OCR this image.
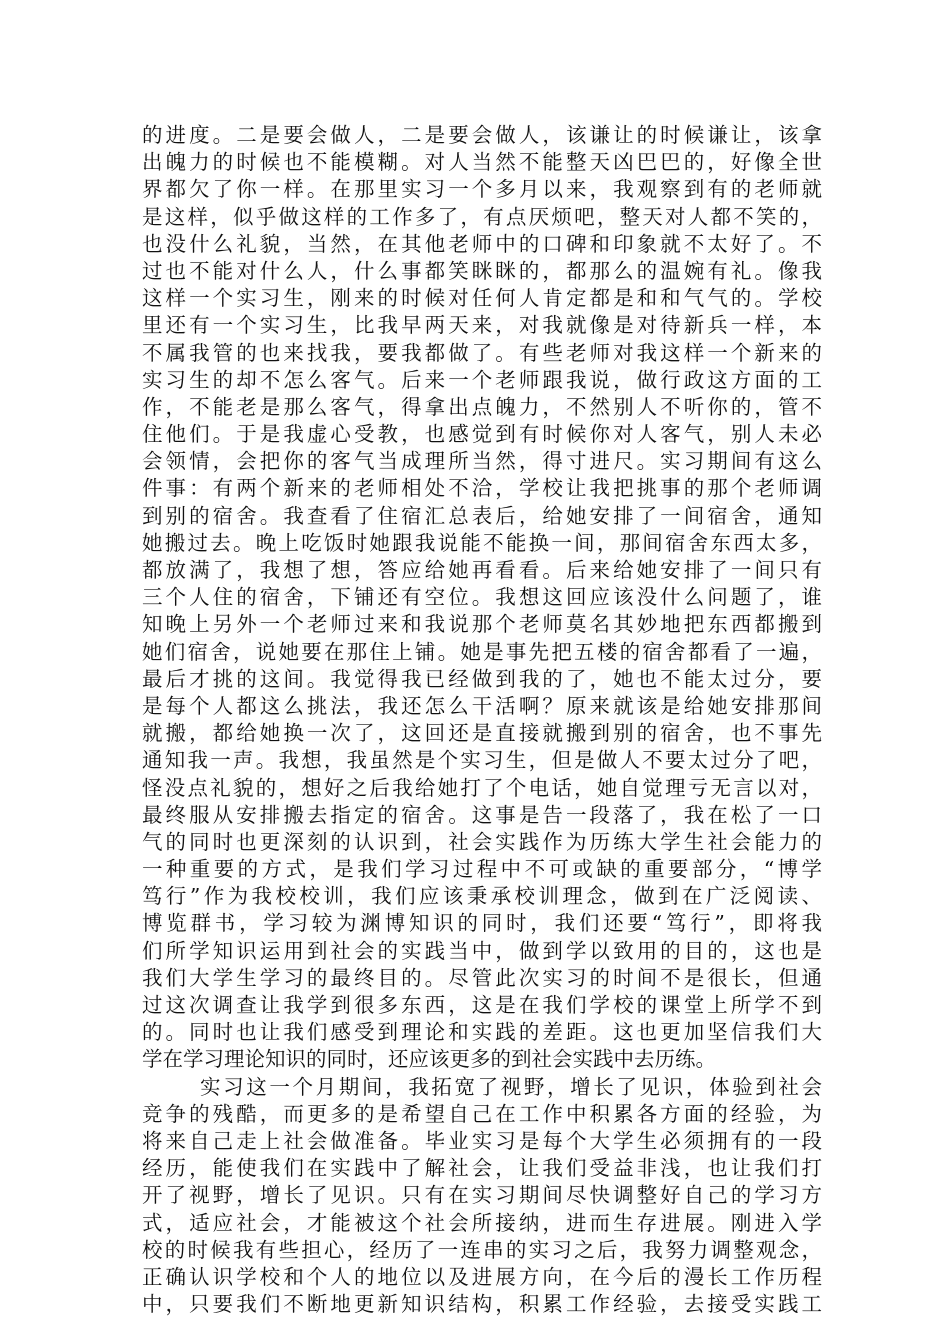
的进度。二是要会做人，二是要会做人，该谦让的时候谦让，该拿
出魄力的时候也不能模糊。对人当然不能整天凶巴巴的，好像全世
界都欠了你一样。在那里实习一个多月以来，我观察到有的老师就
是这样，似乎做这样的工作多了，有点厌烦吧，整天对人都不笑的，
也没什么礼貌，当然，在其他老师中的口碑和印象就不太好了。不
过也不能对什么人，什么事都笑眯眯的，都那么的温婉有礼。像我
这样一个实习生，刚来的时候对任何人肯定都是和和气气的。学校
里还有一个实习生，比我早两天来，对我就像是对待新兵一样，本
不属我管的也来找我，要我都做了。有些老师对我这样一个新来的
实习生的却不怎么客气。后来一个老师跟我说，做行政这方面的工
作，不能老是那么客气，得拿出点魄力，不然别人不听你的，管不
住他们。于是我虚心受教，也感觉到有时候你对人客气，别人未必
会领情，会把你的客气当成理所当然，得寸进尺。实习期间有这么
件事：有两个新来的老师相处不洽，学校让我把挑事的那个老师调
到别的宿舍。我查看了住宿汇总表后，给她安排了一间宿舍，通知
她搬过去。晚上吃饭时她跟我说能不能换一间，那间宿舍东西太多，
都放满了，我想了想，答应给她再看看。后来给她安排了一间只有
三个人住的宿舍，下铺还有空位。我想这回应该没什么问题了，谁
知晚上另外一个老师过来和我说那个老师莫名其妙地把东西都搬到
她们宿舍，说她要在那住上铺。她是事先把五楼的宿舍都看了一遍，
最后才挑的这间。我觉得我已经做到我的了，她也不能太过分，要
是每个人都这么挑法，我还怎么干活啊？原来就该是给她安排那间
就搬，都给她换一次了，这回还是直接就搬到别的宿舍，也不事先
通知我一声。我想，我虽然是个实习生，但是做人不要太过分了吧，
怪没点礼貌的，想好之后我给她打了个电话，她自觉理亏无言以对，
最终服从安排搬去指定的宿舍。这事是告一段落了，我在松了一口
气的同时也更深刻的认识到，社会实践作为历练大学生社会能力的
一种重要的方式，是我们学习过程中不可或缺的重要部分，“博学
笃行”作为我校校训，我们应该秉承校训理念，做到在广泛阅读、
博览群书，学习较为渊博知识的同时，我们还要“笃行”，即将我
们所学知识运用到社会的实践当中，做到学以致用的目的，这也是
我们大学生学习的最终目的。尽管此次实习的时间不是很长，但通
过这次调查让我学到很多东西，这是在我们学校的课堂上所学不到
的。同时也让我们感受到理论和实践的差距。这也更加坚信我们大
学在学习理论知识的同时，还应该更多的到社会实践中去历练。
实习这一个月期间，我拓宽了视野，增长了见识，体验到社会
竞争的残酷，而更多的是希望自己在工作中积累各方面的经验，为
将来自己走上社会做准备。毕业实习是每个大学生必须拥有的一段
经历，能使我们在实践中了解社会，让我们受益非浅，也让我们打
开了视野，增长了见识。只有在实习期间尽快调整好自己的学习方
式，适应社会，才能被这个社会所接纳，进而生存进展。刚进入学
校的时候我有些担心，经历了一连串的实习之后，我努力调整观念，
正确认识学校和个人的地位以及进展方向，在今后的漫长工作历程
中，只要我们不断地更新知识结构，积累工作经验，去接受实践工
